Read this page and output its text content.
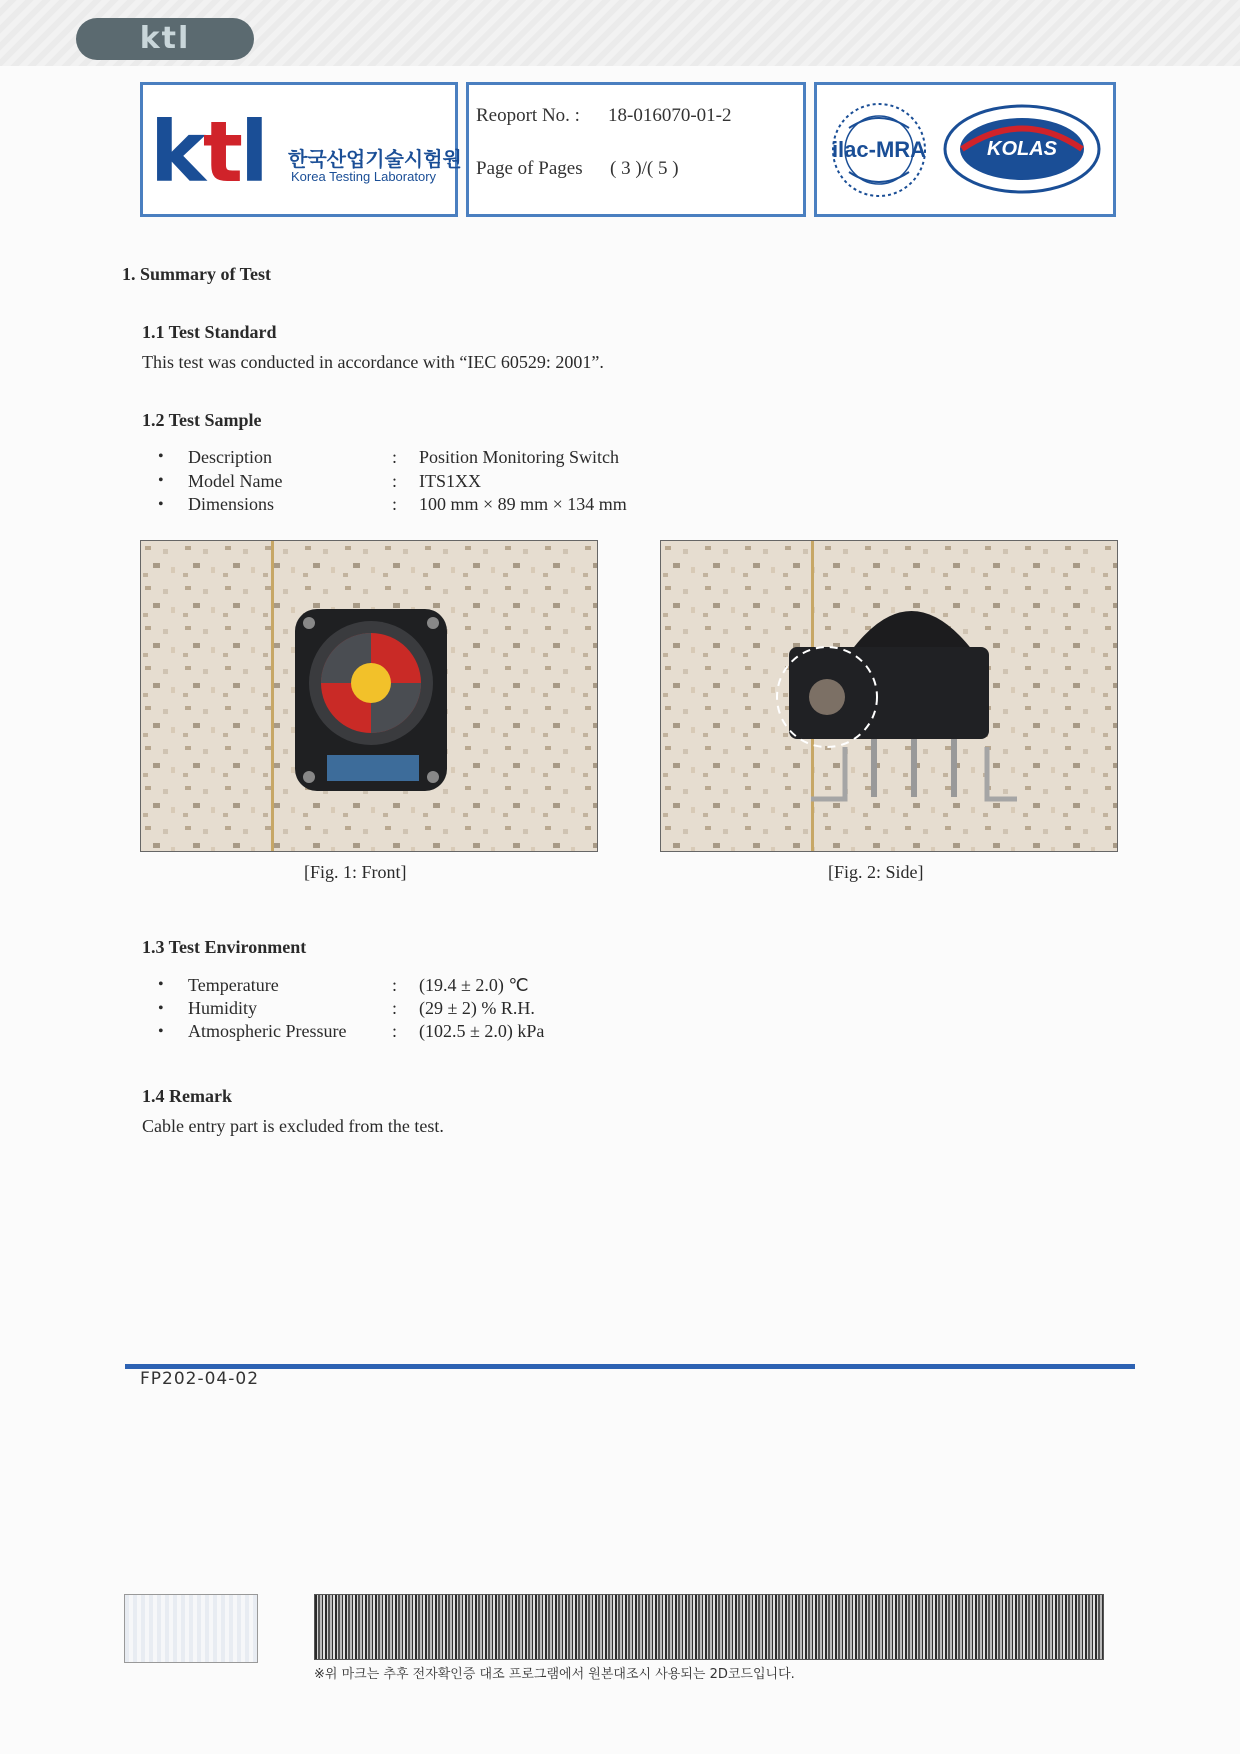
ktl
ktl 한국산업기술시험원
Korea Testing Laboratory
Reoport No. : 18-016070-01-2
Page of Pages ( 3 )/( 5 )
ilac-MRA	KOLAS
1. Summary of Test
1.1 Test Standard
This test was conducted in accordance with “IEC 60529: 2001”.
1.2 Test Sample
• Description	: Position Monitoring Switch
• Model Name	: ITS1XX
• Dimensions	: 100 mm × 89 mm × 134 mm
[Fig. 1: Front]	[Fig. 2: Side]
1.3 Test Environment
• Temperature	: (19.4 ± 2.0) ℃
• Humidity	: (29 ± 2) % R.H.
• Atmospheric Pressure	: (102.5 ± 2.0) kPa
1.4 Remark
Cable entry part is excluded from the test.
FP202-04-02
※위 마크는 추후 전자확인증 대조 프로그램에서 원본대조시 사용되는 2D코드입니다.
